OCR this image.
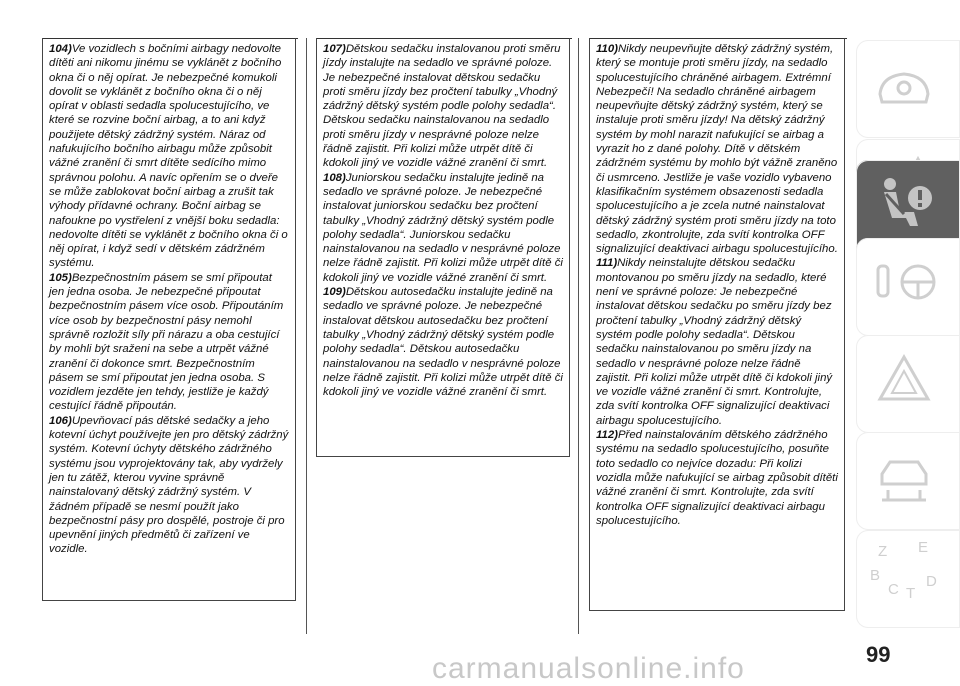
104)Ve vozidlech s bočními airbagy nedovolte dítěti ani nikomu jinému se vyklánět z bočního okna či o něj opírat. Je nebezpečné komukoli dovolit se vyklánět z bočního okna či o něj opírat v oblasti sedadla spolucestujícího, ve které se rozvine boční airbag, a to ani když použijete dětský zádržný systém. Náraz od nafukujícího bočního airbagu může způsobit vážné zranění či smrt dítěte sedícího mimo správnou polohu. A navíc opřením se o dveře se může zablokovat boční airbag a zrušit tak výhody přídavné ochrany. Boční airbag se nafoukne po vystřelení z vnější boku sedadla: nedovolte dítěti se vyklánět z bočního okna či o něj opírat, i když sedí v dětském zádržném systému.

105)Bezpečnostním pásem se smí připoutat jen jedna osoba. Je nebezpečné připoutat bezpečnostním pásem více osob. Připoutáním více osob by bezpečnostní pásy nemohl správně rozložit síly při nárazu a oba cestující by mohli být sraženi na sebe a utrpět vážné zranění či dokonce smrt. Bezpečnostním pásem se smí připoutat jen jedna osoba. S vozidlem jezděte jen tehdy, jestliže je každý cestující řádně připoután.

106)Upevňovací pás dětské sedačky a jeho kotevní úchyt používejte jen pro dětský zádržný systém. Kotevní úchyty dětského zádržného systému jsou vyprojektovány tak, aby vydržely jen tu zátěž, kterou vyvine správně nainstalovaný dětský zádržný systém. V žádném případě se nesmí použít jako bezpečnostní pásy pro dospělé, postroje či pro upevnění jiných předmětů či zařízení ve vozidle.

107)Dětskou sedačku instalovanou proti směru jízdy instalujte na sedadlo ve správné poloze. Je nebezpečné instalovat dětskou sedačku proti směru jízdy bez pročtení tabulky „Vhodný zádržný dětský systém podle polohy sedadla“. Dětskou sedačku nainstalovanou na sedadlo proti směru jízdy v nesprávné poloze nelze řádně zajistit. Při kolizi může utrpět dítě či kdokoli jiný ve vozidle vážné zranění či smrt.

108)Juniorskou sedačku instalujte jedině na sedadlo ve správné poloze. Je nebezpečné instalovat juniorskou sedačku bez pročtení tabulky „Vhodný zádržný dětský systém podle polohy sedadla“. Juniorskou sedačku nainstalovanou na sedadlo v nesprávné poloze nelze řádně zajistit. Při kolizi může utrpět dítě či kdokoli jiný ve vozidle vážné zranění či smrt.

109)Dětskou autosedačku instalujte jedině na sedadlo ve správné poloze. Je nebezpečné instalovat dětskou autosedačku bez pročtení tabulky „Vhodný zádržný dětský systém podle polohy sedadla“. Dětskou autosedačku nainstalovanou na sedadlo v nesprávné poloze nelze řádně zajistit. Při kolizi může utrpět dítě či kdokoli jiný ve vozidle vážné zranění či smrt.

110)Nikdy neupevňujte dětský zádržný systém, který se montuje proti směru jízdy, na sedadlo spolucestujícího chráněné airbagem. Extrémní Nebezpečí! Na sedadlo chráněné airbagem neupevňujte dětský zádržný systém, který se instaluje proti směru jízdy! Na dětský zádržný systém by mohl narazit nafukující se airbag a vyrazit ho z dané polohy. Dítě v dětském zádržném systému by mohlo být vážně zraněno či usmrceno. Jestliže je vaše vozidlo vybaveno klasifikačním systémem obsazenosti sedadla spolucestujícího a je zcela nutné nainstalovat dětský zádržný systém proti směru jízdy na toto sedadlo, zkontrolujte, zda svítí kontrolka OFF signalizující deaktivaci airbagu spolucestujícího.

111)Nikdy neinstalujte dětskou sedačku montovanou po směru jízdy na sedadlo, které není ve správné poloze: Je nebezpečné instalovat dětskou sedačku po směru jízdy bez pročtení tabulky „Vhodný zádržný dětský systém podle polohy sedadla“. Dětskou sedačku nainstalovanou po směru jízdy na sedadlo v nesprávné poloze nelze řádně zajistit. Při kolizi může utrpět dítě či kdokoli jiný ve vozidle vážné zranění či smrt. Kontrolujte, zda svítí kontrolka OFF signalizující deaktivaci airbagu spolucestujícího.

112)Před nainstalováním dětského zádržného systému na sedadlo spolucestujícího, posuňte toto sedadlo co nejvíce dozadu: Při kolizi vozidla může nafukující se airbag způsobit dítěti vážné zranění či smrt. Kontrolujte, zda svítí kontrolka OFF signalizující deaktivaci airbagu spolucestujícího.

Z E
B
C T
D
99
carmanualsonline.info
